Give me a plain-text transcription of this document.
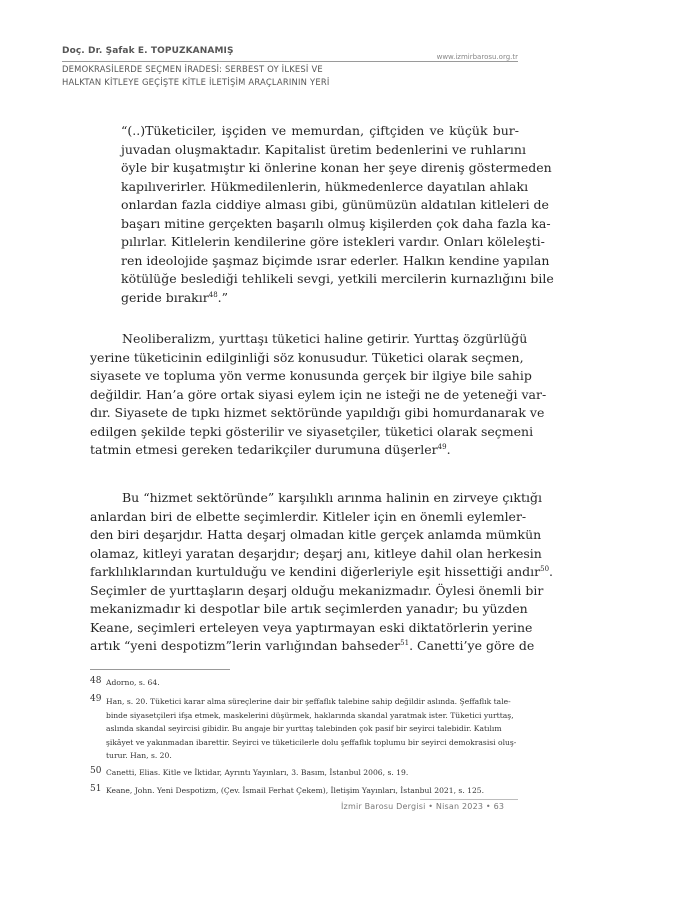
Doç. Dr. Şafak E. TOPUZKANAMIŞ
www.izmirbarosu.org.tr
DEMOKRASİLERDE SEÇMEN İRADESİ: SERBEST OY İLKESİ VE
HALKTAN KİTLEYE GEÇİŞTE KİTLE İLETİŞİM ARAÇLARININ YERİ
“(..)Tüketiciler, işçiden ve memurdan, çiftçiden ve küçük bur-
juvadan oluşmaktadır. Kapitalist üretim bedenlerini ve ruhlarını
öyle bir kuşatmıştır ki önlerine konan her şeye direniş göstermeden
kapılıverirler. Hükmedilenlerin, hükmedenlerce dayatılan ahlakı
onlardan fazla ciddiye alması gibi, günümüzün aldatılan kitleleri de
başarı mitine gerçekten başarılı olmuş kişilerden çok daha fazla ka-
pılırlar. Kitlelerin kendilerine göre istekleri vardır. Onları köleleşti-
ren ideolojide şaşmaz biçimde ısrar ederler. Halkın kendine yapılan
kötülüğe beslediği tehlikeli sevgi, yetkili mercilerin kurnazlığını bile
geride bırakır$^{48}$.”
Neoliberalizm, yurttaşı tüketici haline getirir. Yurttaş özgürlüğü
yerine tüketicinin edilginliği söz konusudur. Tüketici olarak seçmen,
siyasete ve topluma yön verme konusunda gerçek bir ilgiye bile sahip
değildir. Han’a göre ortak siyasi eylem için ne isteği ne de yeteneği var-
dır. Siyasete de tıpkı hizmet sektöründe yapıldığı gibi homurdanarak ve
edilgen şekilde tepki gösterilir ve siyasetçiler, tüketici olarak seçmeni
tatmin etmesi gereken tedarikçiler durumuna düşerler$^{49}$.
Bu “hizmet sektöründe” karşılıklı arınma halinin en zirveye çıktığı
anlardan biri de elbette seçimlerdir. Kitleler için en önemli eylemler-
den biri deşarjdır. Hatta deşarj olmadan kitle gerçek anlamda mümkün
olamaz, kitleyi yaratan deşarjdır; deşarj anı, kitleye dahil olan herkesin
farklılıklarından kurtulduğu ve kendini diğerleriyle eşit hissettiği andır$^{50}$.
Seçimler de yurttaşların deşarj olduğu mekanizmadır. Öylesi önemli bir
mekanizmadır ki despotlar bile artık seçimlerden yanadır; bu yüzden
Keane, seçimleri erteleyen veya yaptırmayan eski diktatörlerin yerine
artık “yeni despotizm”lerin varlığından bahseder$^{51}$. Canetti’ye göre de
48 Adorno, s. 64.
49 Han, s. 20. Tüketici karar alma süreçlerine dair bir şeffaflık talebine sahip değildir aslında. Şeffaflık tale-
binde siyasetçileri ifşa etmek, maskelerini düşürmek, haklarında skandal yaratmak ister. Tüketici yurttaş,
aslında skandal seyircisi gibidir. Bu angaje bir yurttaş talebinden çok pasif bir seyirci talebidir. Katılım
şikâyet ve yakınmadan ibarettir. Seyirci ve tüketicilerle dolu şeffaflık toplumu bir seyirci demokrasisi oluş-
turur. Han, s. 20.
50 Canetti, Elias. Kitle ve İktidar, Ayrıntı Yayınları, 3. Basım, İstanbul 2006, s. 19.
51 Keane, John. Yeni Despotizm, (Çev. İsmail Ferhat Çekem), İletişim Yayınları, İstanbul 2021, s. 125.
İzmir Barosu Dergisi • Nisan 2023 • 63
